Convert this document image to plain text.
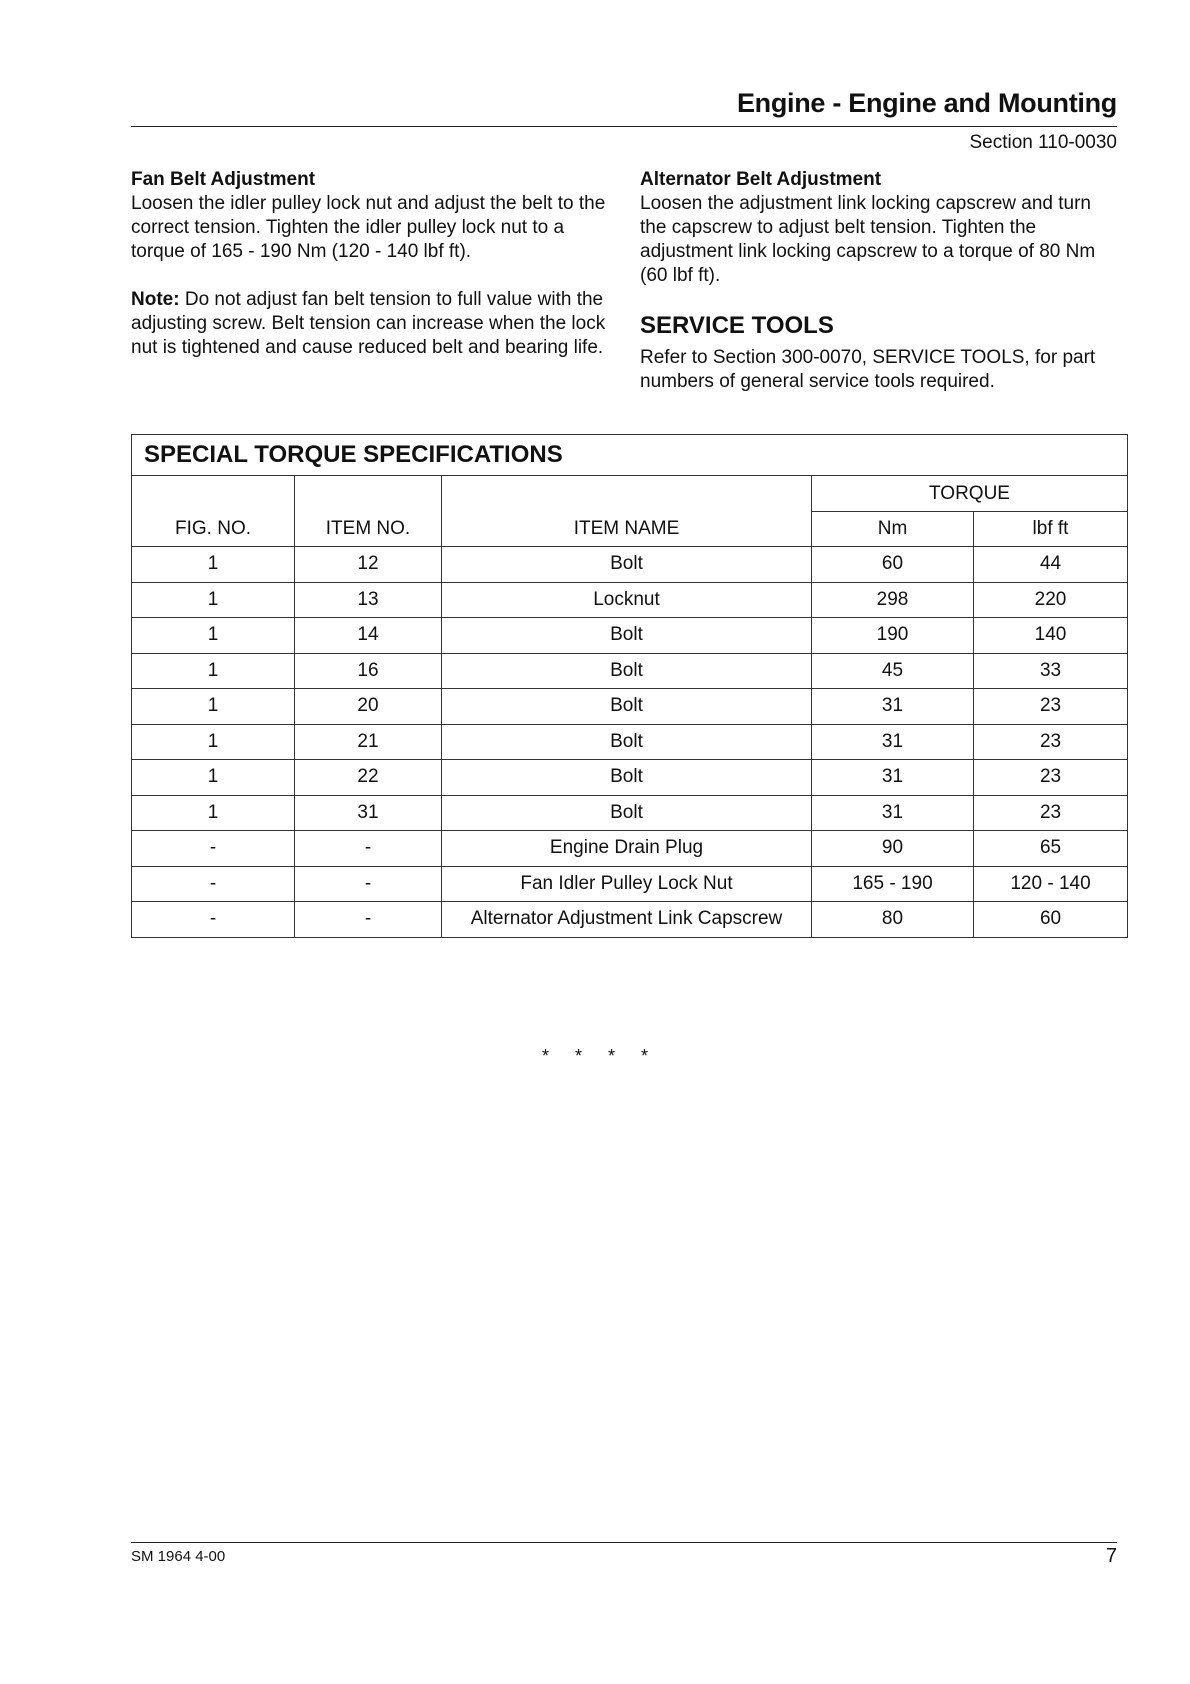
Engine - Engine and Mounting
Section 110-0030
Fan Belt Adjustment

Loosen the idler pulley lock nut and adjust the belt to the correct tension. Tighten the idler pulley lock nut to a torque of 165 - 190 Nm (120 - 140 lbf ft).

Note: Do not adjust fan belt tension to full value with the adjusting screw. Belt tension can increase when the lock nut is tightened and cause reduced belt and bearing life.

Alternator Belt Adjustment

Loosen the adjustment link locking capscrew and turn the capscrew to adjust belt tension. Tighten the adjustment link locking capscrew to a torque of 80 Nm (60 lbf ft).

SERVICE TOOLS

Refer to Section 300-0070, SERVICE TOOLS, for part numbers of general service tools required.

SPECIAL TORQUE SPECIFICATIONS				
FIG. NO.	ITEM NO.	ITEM NAME	TORQUE	
			Nm	lbf ft
1	12	Bolt	60	44
1	13	Locknut	298	220
1	14	Bolt	190	140
1	16	Bolt	45	33
1	20	Bolt	31	23
1	21	Bolt	31	23
1	22	Bolt	31	23
1	31	Bolt	31	23
-	-	Engine Drain Plug	90	65
-	-	Fan Idler Pulley Lock Nut	165 - 190	120 - 140
-	-	Alternator Adjustment Link Capscrew	80	60
* * * *
SM 1964 4-00	7
